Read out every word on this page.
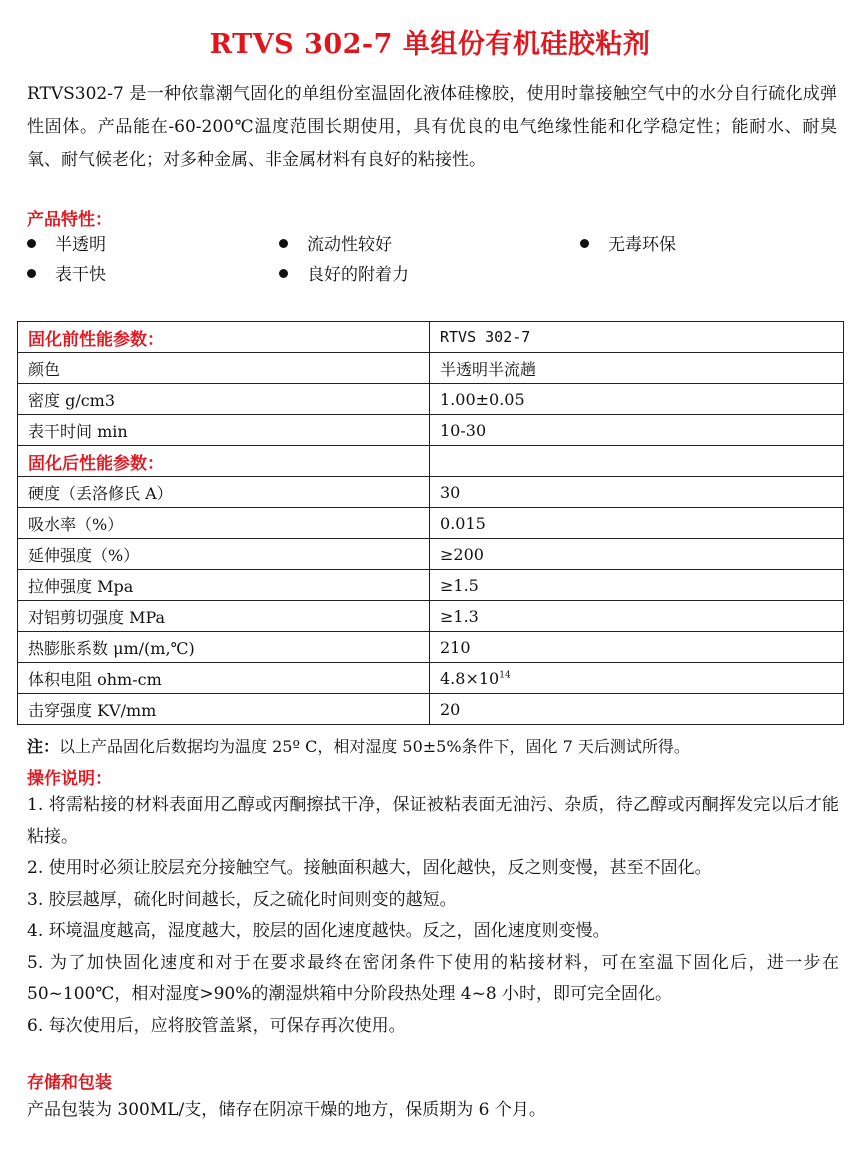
RTVS 302-7 单组份有机硅胶粘剂
RTVS302-7 是一种依靠潮气固化的单组份室温固化液体硅橡胶，使用时靠接触空气中的水分自行硫化成弹性固体。产品能在-60-200℃温度范围长期使用，具有优良的电气绝缘性能和化学稳定性；能耐水、耐臭氧、耐气候老化；对多种金属、非金属材料有良好的粘接性。
产品特性：
半透明	流动性较好	无毒环保
表干快	良好的附着力
固化前性能参数：	RTVS 302-7
颜色	半透明半流趟
密度 g/cm3	1.00±0.05
表干时间 min	10-30
固化后性能参数：	
硬度（丢洛修氏 A）	30
吸水率（%）	0.015
延伸强度（%）	≥200
拉伸强度 Mpa	≥1.5
对铝剪切强度 MPa	≥1.3
热膨胀系数 μm/(m,℃)	210
体积电阻 ohm-cm	$4.8\times 10^{14}$
击穿强度 KV/mm	20
注：以上产品固化后数据均为温度 25º C，相对湿度 50±5%条件下，固化 7 天后测试所得。
操作说明：

1. 将需粘接的材料表面用乙醇或丙酮擦拭干净，保证被粘表面无油污、杂质，待乙醇或丙酮挥发完以后才能粘接。

2. 使用时必须让胶层充分接触空气。接触面积越大，固化越快，反之则变慢，甚至不固化。

3. 胶层越厚，硫化时间越长，反之硫化时间则变的越短。

4. 环境温度越高，湿度越大，胶层的固化速度越快。反之，固化速度则变慢。

5. 为了加快固化速度和对于在要求最终在密闭条件下使用的粘接材料，可在室温下固化后，进一步在 50~100℃，相对湿度>90%的潮湿烘箱中分阶段热处理 4~8 小时，即可完全固化。

6. 每次使用后，应将胶管盖紧，可保存再次使用。

存储和包装
产品包装为 300ML/支，储存在阴凉干燥的地方，保质期为 6 个月。
